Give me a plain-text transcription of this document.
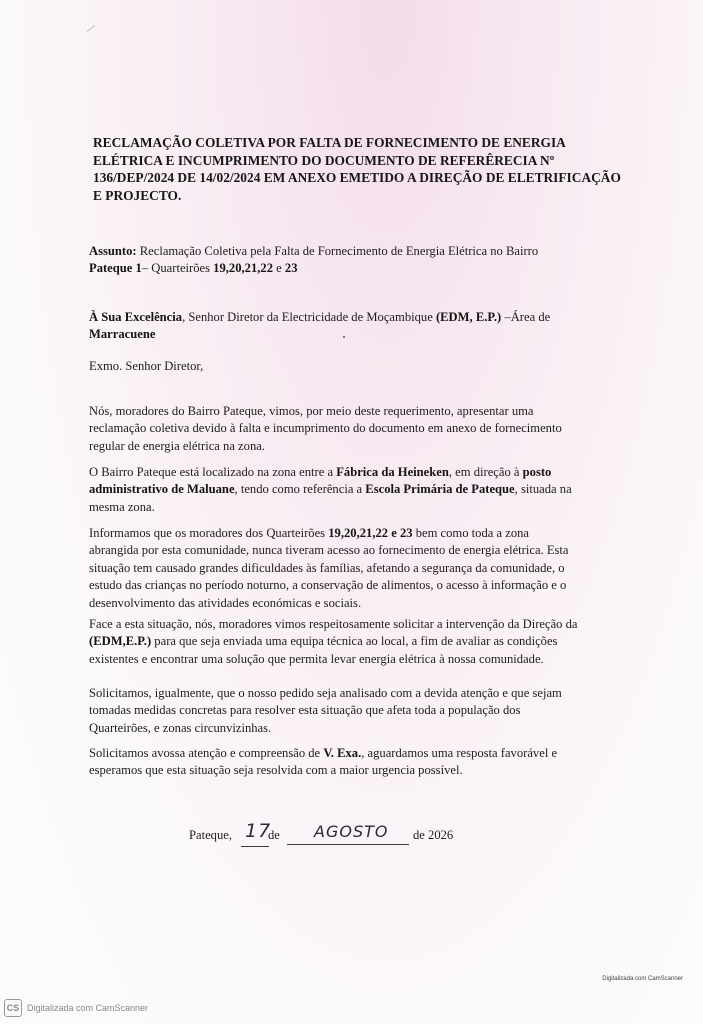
RECLAMAÇÃO COLETIVA POR FALTA DE FORNECIMENTO DE ENERGIA
ELÉTRICA E INCUMPRIMENTO DO DOCUMENTO DE REFERÊRECIA Nº
136/DEP/2024 DE 14/02/2024 EM ANEXO EMETIDO A DIREÇÃO DE ELETRIFICAÇÃO
E PROJECTO.

Assunto: Reclamação Coletiva pela Falta de Fornecimento de Energia Elétrica no Bairro
Pateque 1– Quarteirões 19,20,21,22 e 23

À Sua Excelência, Senhor Diretor da Electricidade de Moçambique (EDM, E.P.) –Área de
Marracuene

Exmo. Senhor Diretor,

Nós, moradores do Bairro Pateque, vimos, por meio deste requerimento, apresentar uma
reclamação coletiva devido à falta e incumprimento do documento em anexo de fornecimento
regular de energia elétrica na zona.

O Bairro Pateque está localizado na zona entre a Fábrica da Heineken, em direção à posto
administrativo de Maluane, tendo como referência a Escola Primária de Pateque, situada na
mesma zona.

Informamos que os moradores dos Quarteirões 19,20,21,22 e 23 bem como toda a zona
abrangida por esta comunidade, nunca tiveram acesso ao fornecimento de energia elétrica. Esta
situação tem causado grandes dificuldades às famílias, afetando a segurança da comunidade, o
estudo das crianças no período noturno, a conservação de alimentos, o acesso à informação e o
desenvolvimento das atividades económicas e sociais.

Face a esta situação, nós, moradores vimos respeitosamente solicitar a intervenção da Direção da
(EDM,E.P.) para que seja enviada uma equipa técnica ao local, a fim de avaliar as condições
existentes e encontrar uma solução que permita levar energia elétrica à nossa comunidade.

Solicitamos, igualmente, que o nosso pedido seja analisado com a devida atenção e que sejam
tomadas medidas concretas para resolver esta situação que afeta toda a população dos
Quarteirões, e zonas circunvizinhas.

Solicitamos avossa atenção e compreensão de V. Exa., aguardamos uma resposta favorável e
esperamos que esta situação seja resolvida com a maior urgencia possível.

Pateque, 17
de AGOSTO de 2026
Digitalizada com CamScanner
CS Digitalizada com CamScanner
